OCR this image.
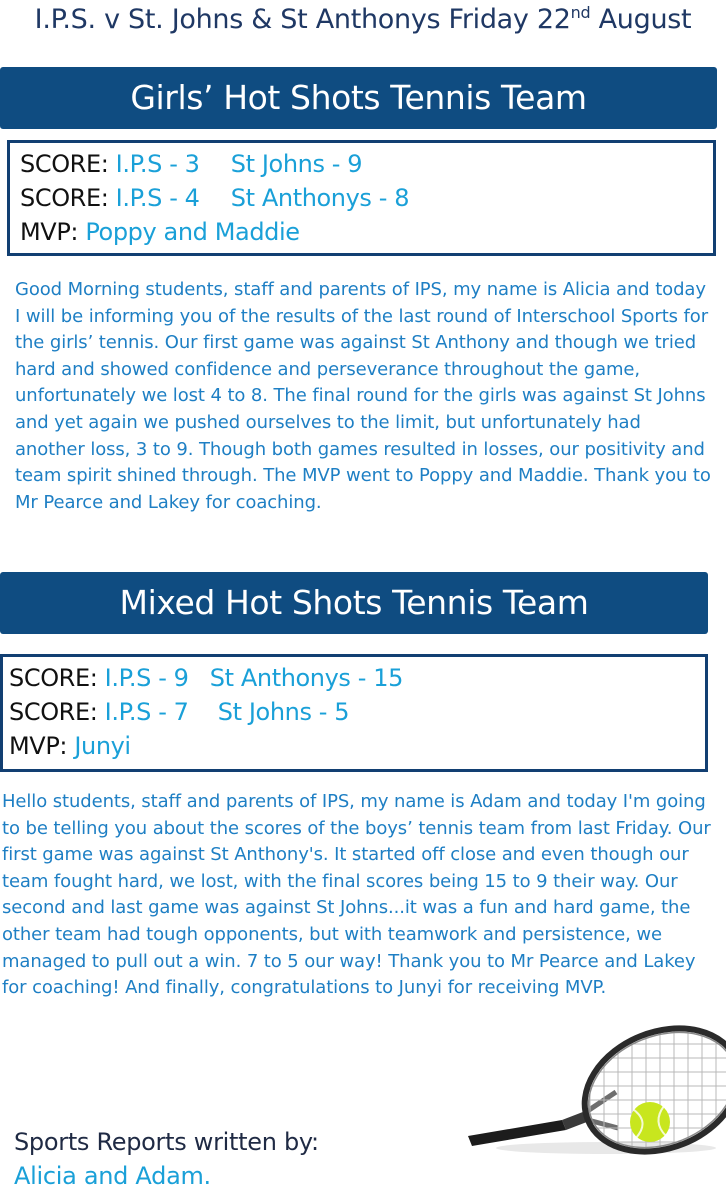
I.P.S. v St. Johns & St Anthonys Friday 22nd August
Girls’ Hot Shots Tennis Team
SCORE: I.P.S - 3 St Johns - 9
SCORE: I.P.S - 4 St Anthonys - 8
MVP: Poppy and Maddie
Good Morning students, staff and parents of IPS, my name is Alicia and today I will be informing you of the results of the last round of Interschool Sports for the girls’ tennis. Our first game was against St Anthony and though we tried hard and showed confidence and perseverance throughout the game, unfortunately we lost 4 to 8. The final round for the girls was against St Johns and yet again we pushed ourselves to the limit, but unfortunately had another loss, 3 to 9. Though both games resulted in losses, our positivity and team spirit shined through. The MVP went to Poppy and Maddie. Thank you to Mr Pearce and Lakey for coaching.
Mixed Hot Shots Tennis Team
SCORE: I.P.S - 9 St Anthonys - 15
SCORE: I.P.S - 7 St Johns - 5
MVP: Junyi
Hello students, staff and parents of IPS, my name is Adam and today I'm going to be telling you about the scores of the boys’ tennis team from last Friday. Our first game was against St Anthony's. It started off close and even though our team fought hard, we lost, with the final scores being 15 to 9 their way. Our second and last game was against St Johns...it was a fun and hard game, the other team had tough opponents, but with teamwork and persistence, we managed to pull out a win. 7 to 5 our way! Thank you to Mr Pearce and Lakey for coaching! And finally, congratulations to Junyi for receiving MVP.
Sports Reports written by:
Alicia and Adam.
